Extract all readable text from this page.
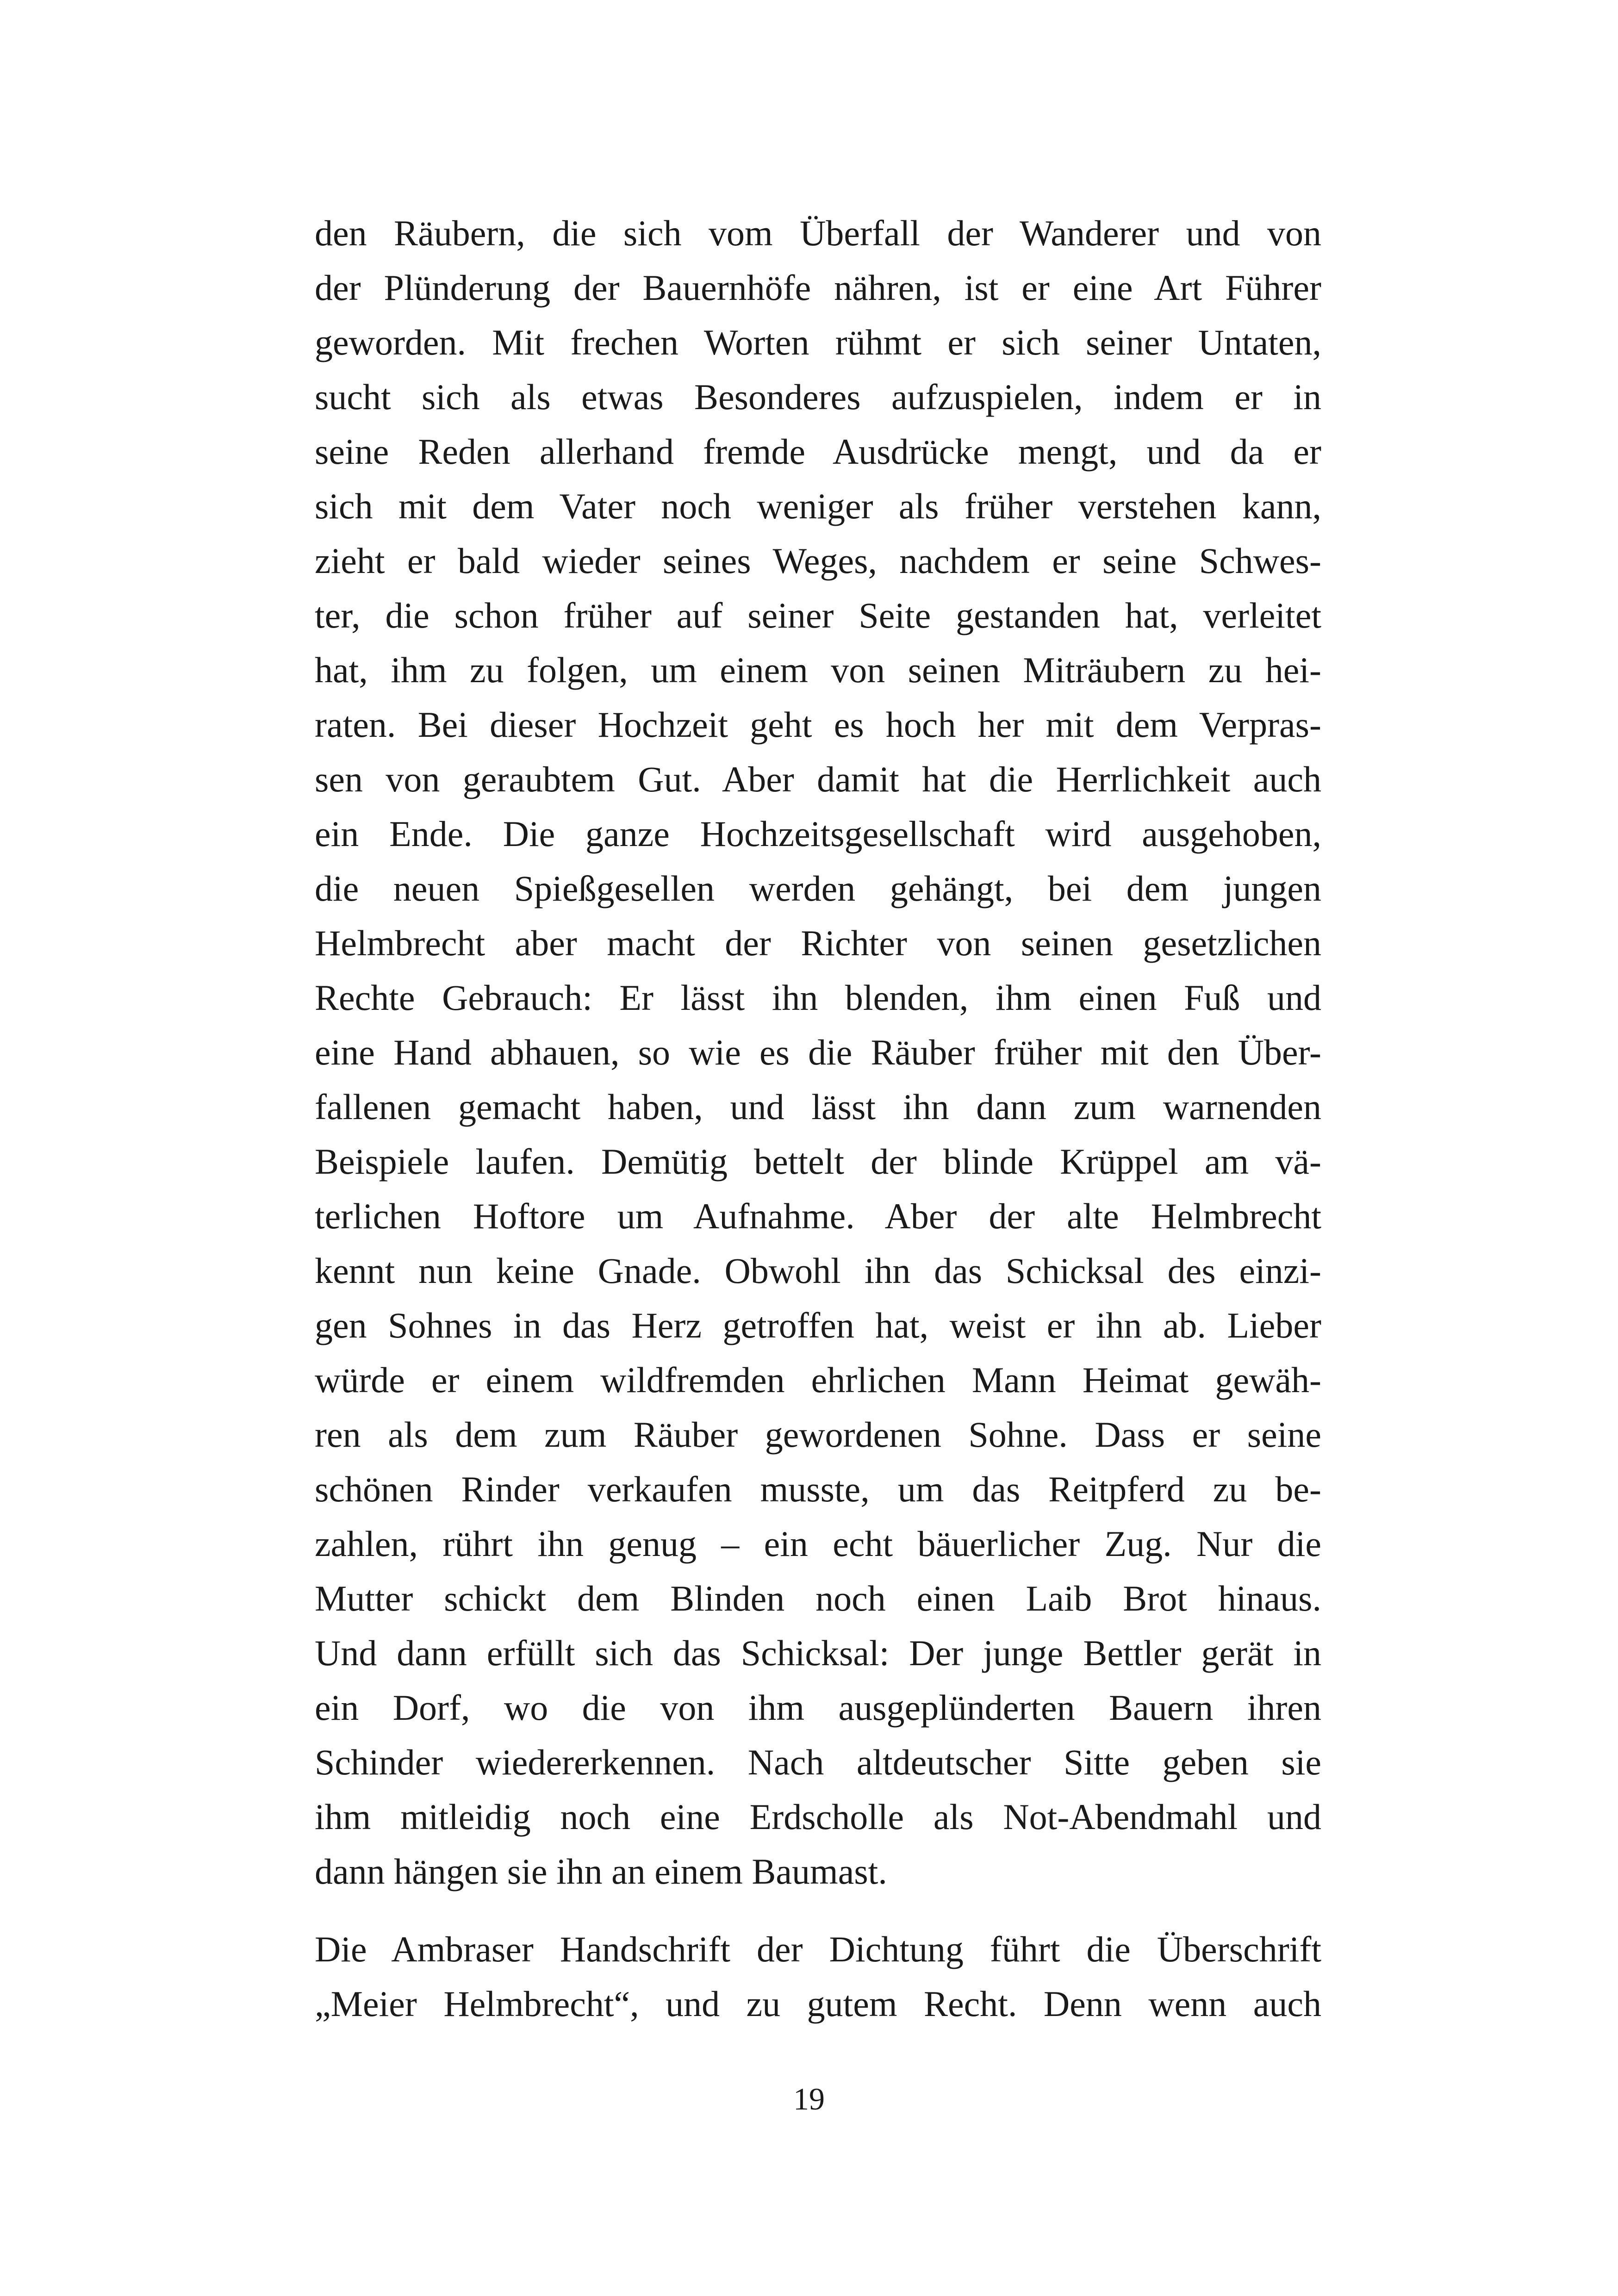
den Räubern, die sich vom Überfall der Wanderer und von
der Plünderung der Bauernhöfe nähren, ist er eine Art Führer
geworden. Mit frechen Worten rühmt er sich seiner Untaten,
sucht sich als etwas Besonderes aufzuspielen, indem er in
seine Reden allerhand fremde Ausdrücke mengt, und da er
sich mit dem Vater noch weniger als früher verstehen kann,
zieht er bald wieder seines Weges, nachdem er seine Schwes-
ter, die schon früher auf seiner Seite gestanden hat, verleitet
hat, ihm zu folgen, um einem von seinen Miträubern zu hei-
raten. Bei dieser Hochzeit geht es hoch her mit dem Verpras-
sen von geraubtem Gut. Aber damit hat die Herrlichkeit auch
ein Ende. Die ganze Hochzeitsgesellschaft wird ausgehoben,
die neuen Spießgesellen werden gehängt, bei dem jungen
Helmbrecht aber macht der Richter von seinen gesetzlichen
Rechte Gebrauch: Er lässt ihn blenden, ihm einen Fuß und
eine Hand abhauen, so wie es die Räuber früher mit den Über-
fallenen gemacht haben, und lässt ihn dann zum warnenden
Beispiele laufen. Demütig bettelt der blinde Krüppel am vä-
terlichen Hoftore um Aufnahme. Aber der alte Helmbrecht
kennt nun keine Gnade. Obwohl ihn das Schicksal des einzi-
gen Sohnes in das Herz getroffen hat, weist er ihn ab. Lieber
würde er einem wildfremden ehrlichen Mann Heimat gewäh-
ren als dem zum Räuber gewordenen Sohne. Dass er seine
schönen Rinder verkaufen musste, um das Reitpferd zu be-
zahlen, rührt ihn genug – ein echt bäuerlicher Zug. Nur die
Mutter schickt dem Blinden noch einen Laib Brot hinaus.
Und dann erfüllt sich das Schicksal: Der junge Bettler gerät in
ein Dorf, wo die von ihm ausgeplünderten Bauern ihren
Schinder wiedererkennen. Nach altdeutscher Sitte geben sie
ihm mitleidig noch eine Erdscholle als Not-Abendmahl und
dann hängen sie ihn an einem Baumast.
Die Ambraser Handschrift der Dichtung führt die Überschrift
„Meier Helmbrecht“, und zu gutem Recht. Denn wenn auch
19
